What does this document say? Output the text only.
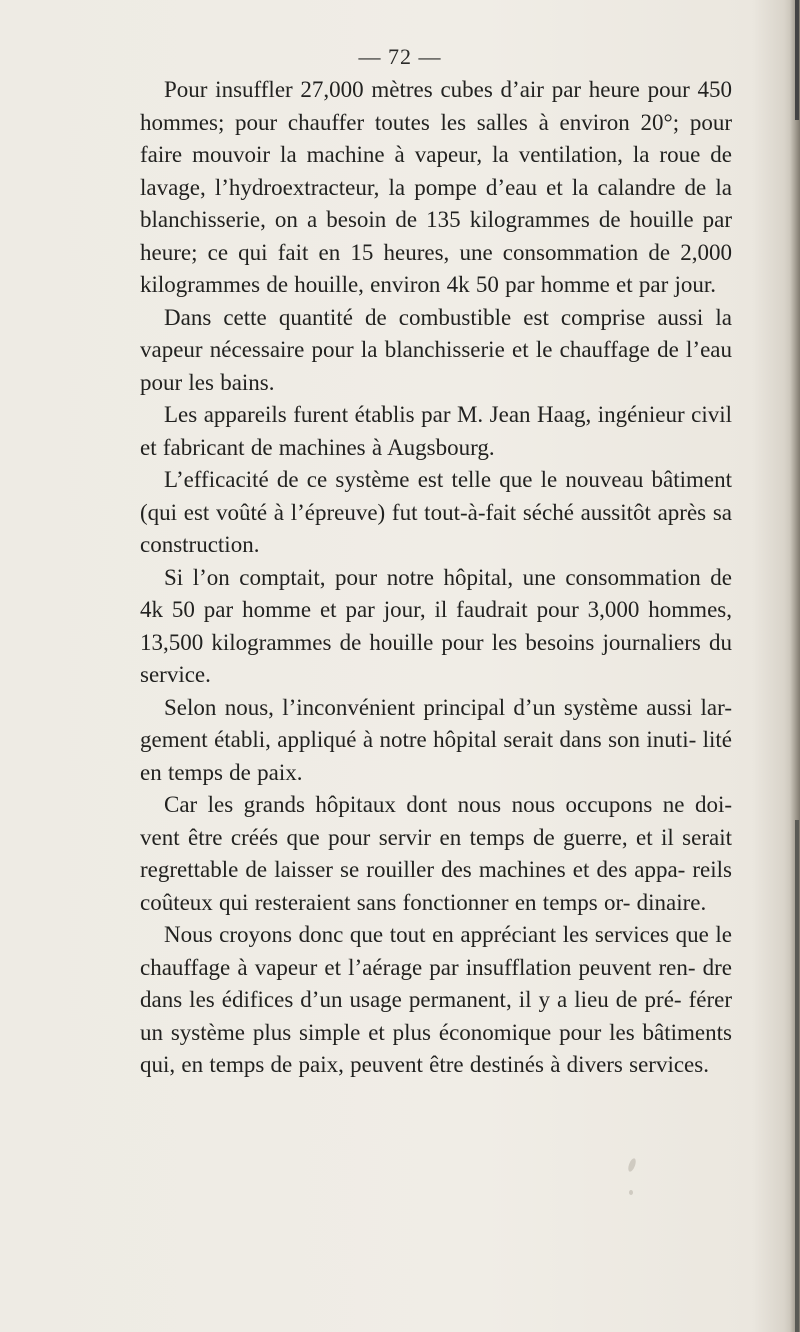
— 72 —

Pour insuffler 27,000 mètres cubes d’air par heure pour 450 hommes; pour chauffer toutes les salles à environ 20°; pour faire mouvoir la machine à vapeur, la ventilation, la roue de lavage, l’hydroextracteur, la pompe d’eau et la calandre de la blanchisserie, on a besoin de 135 kilogrammes de houille par heure; ce qui fait en 15 heures, une consommation de 2,000 kilogrammes de houille, environ 4k 50 par homme et par jour.

Dans cette quantité de combustible est comprise aussi la vapeur nécessaire pour la blanchisserie et le chauffage de l’eau pour les bains.

Les appareils furent établis par M. Jean Haag, ingénieur civil et fabricant de machines à Augsbourg.

L’efficacité de ce système est telle que le nouveau bâtiment (qui est voûté à l’épreuve) fut tout-à-fait séché aussitôt après sa construction.

Si l’on comptait, pour notre hôpital, une consommation de 4k 50 par homme et par jour, il faudrait pour 3,000 hommes, 13,500 kilogrammes de houille pour les besoins journaliers du service.

Selon nous, l’inconvénient principal d’un système aussi lar- gement établi, appliqué à notre hôpital serait dans son inuti- lité en temps de paix.

Car les grands hôpitaux dont nous nous occupons ne doi- vent être créés que pour servir en temps de guerre, et il serait regrettable de laisser se rouiller des machines et des appa- reils coûteux qui resteraient sans fonctionner en temps or- dinaire.

Nous croyons donc que tout en appréciant les services que le chauffage à vapeur et l’aérage par insufflation peuvent ren- dre dans les édifices d’un usage permanent, il y a lieu de pré- férer un système plus simple et plus économique pour les bâtiments qui, en temps de paix, peuvent être destinés à divers services.
